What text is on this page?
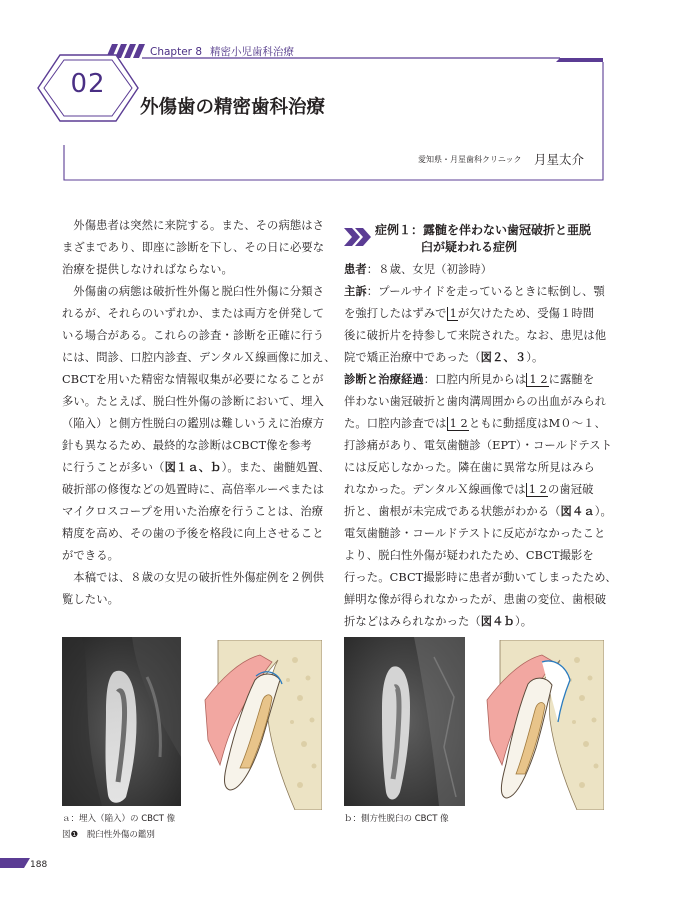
Chapter 8 精密小児歯科治療
02
外傷歯の精密歯科治療
愛知県・月星歯科クリニック 月星太介

外傷患者は突然に来院する。また、その病態はさ
まざまであり、即座に診断を下し、その日に必要な
治療を提供しなければならない。

外傷歯の病態は破折性外傷と脱臼性外傷に分類さ
れるが、それらのいずれか、または両方を併発して
いる場合がある。これらの診査・診断を正確に行う
には、問診、口腔内診査、デンタルＸ線画像に加え、
CBCTを用いた精密な情報収集が必要になることが
多い。たとえば、脱臼性外傷の診断において、埋入
（陥入）と側方性脱臼の鑑別は難しいうえに治療方
針も異なるため、最終的な診断はCBCT像を参考
に行うことが多い（図１ａ、ｂ）。また、歯髄処置、
破折部の修復などの処置時に、高倍率ルーペまたは
マイクロスコープを用いた治療を行うことは、治療
精度を高め、その歯の予後を格段に向上させること
ができる。

本稿では、８歳の女児の破折性外傷症例を２例供
覧したい。

症例１：露髄を伴わない歯冠破折と亜脱
臼が疑われる症例

患者：８歳、女児（初診時）

主訴：プールサイドを走っているときに転倒し、顎
を強打したはずみで 1が欠けたため、受傷１時間
後に破折片を持参して来院された。なお、患児は他
院で矯正治療中であった（図２、３）。

診断と治療経過：口腔内所見からは 1 2に露髄を
伴わない歯冠破折と歯肉溝周囲からの出血がみられ
た。口腔内診査では 1 2ともに動揺度はM０～１、
打診痛があり、電気歯髄診（EPT）・コールドテスト
には反応しなかった。隣在歯に異常な所見はみら
れなかった。デンタルＸ線画像では 1 2の歯冠破
折と、歯根が未完成である状態がわかる（図４ａ）。
電気歯髄診・コールドテストに反応がなかったこと
より、脱臼性外傷が疑われたため、CBCT撮影を
行った。CBCT撮影時に患者が動いてしまったため、
鮮明な像が得られなかったが、患歯の変位、歯根破
折などはみられなかった（図４ｂ）。

ａ：埋入（陥入）の CBCT 像	ｂ：側方性脱臼の CBCT 像
図❶ 脱臼性外傷の鑑別
188
